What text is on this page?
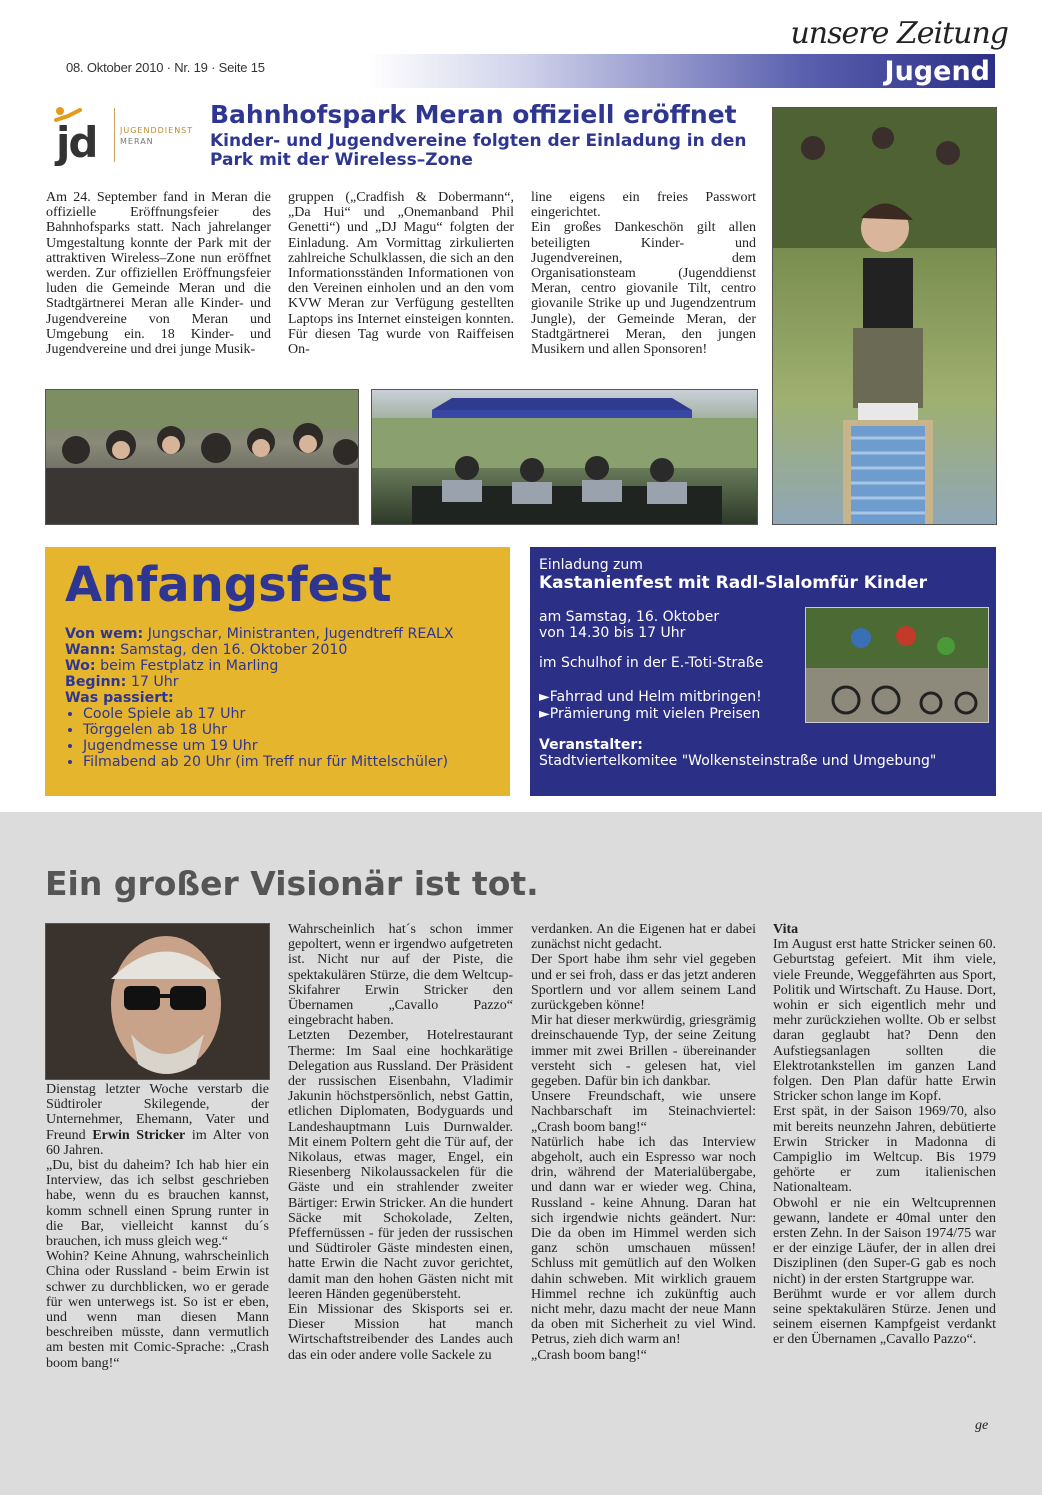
08. Oktober 2010 · Nr. 19 · Seite 15
unsere Zeitung
Jugend
jd	JUGENDDIENST
MERAN
Bahnhofspark Meran offiziell eröffnet
Kinder- und Jugendvereine folgten der Einladung in den Park mit der Wireless–Zone

Am 24. September fand in Meran die offizielle Eröffnungsfeier des Bahnhofsparks statt. Nach jahrelanger Umgestaltung konnte der Park mit der attraktiven Wireless–Zone nun eröffnet werden. Zur offiziellen Eröffnungsfeier luden die Gemeinde Meran und die Stadtgärtnerei Meran alle Kinder- und Jugendvereine von Meran und Umgebung ein. 18 Kinder- und Jugendvereine und drei junge Musik-

gruppen („Cradfish & Dobermann“, „Da Hui“ und „Onemanband Phil Genetti“) und „DJ Magu“ folgten der Einladung. Am Vormittag zirkulierten zahlreiche Schulklassen, die sich an den Informationsständen Informationen von den Vereinen einholen und an den vom KVW Meran zur Verfügung gestellten Laptops ins Internet einsteigen konnten. Für diesen Tag wurde von Raiffeisen On-

line eigens ein freies Passwort eingerichtet.

Ein großes Dankeschön gilt allen beteiligten Kinder- und Jugendvereinen, dem Organisationsteam (Jugenddienst Meran, centro giovanile Tilt, centro giovanile Strike up und Jugendzentrum Jungle), der Gemeinde Meran, der Stadtgärtnerei Meran, den jungen Musikern und allen Sponsoren!

Anfangsfest
Von wem: Jungschar, Ministranten, Jugendtreff REALX
Wann: Samstag, den 16. Oktober 2010
Wo: beim Festplatz in Marling
Beginn: 17 Uhr
Was passiert:
• Coole Spiele ab 17 Uhr
• Törggelen ab 18 Uhr
• Jugendmesse um 19 Uhr
• Filmabend ab 20 Uhr (im Treff nur für Mittelschüler)
Einladung zum
Kastanienfest mit Radl-Slalomfür Kinder
am Samstag, 16. Oktober
von 14.30 bis 17 Uhr
im Schulhof in der E.-Toti-Straße
►Fahrrad und Helm mitbringen!
►Prämierung mit vielen Preisen
Veranstalter:
Stadtviertelkomitee "Wolkensteinstraße und Umgebung"
Ein großer Visionär ist tot.

Dienstag letzter Woche verstarb die Südtiroler Skilegende, der Unternehmer, Ehemann, Vater und Freund Erwin Stricker im Alter von 60 Jahren.

„Du, bist du daheim? Ich hab hier ein Interview, das ich selbst geschrieben habe, wenn du es brauchen kannst, komm schnell einen Sprung runter in die Bar, vielleicht kannst du´s brauchen, ich muss gleich weg.“

Wohin? Keine Ahnung, wahrscheinlich China oder Russland - beim Erwin ist schwer zu durchblicken, wo er gerade für wen unterwegs ist. So ist er eben, und wenn man diesen Mann beschreiben müsste, dann vermutlich am besten mit Comic-Sprache: „Crash boom bang!“

Wahrscheinlich hat´s schon immer gepoltert, wenn er irgendwo aufgetreten ist. Nicht nur auf der Piste, die spektakulären Stürze, die dem Weltcup-Skifahrer Erwin Stricker den Übernamen „Cavallo Pazzo“ eingebracht haben.

Letzten Dezember, Hotelrestaurant Therme: Im Saal eine hochkarätige Delegation aus Russland. Der Präsident der russischen Eisenbahn, Vladimir Jakunin höchstpersönlich, nebst Gattin, etlichen Diplomaten, Bodyguards und Landeshauptmann Luis Durnwalder. Mit einem Poltern geht die Tür auf, der Nikolaus, etwas mager, Engel, ein Riesenberg Nikolaussackelen für die Gäste und ein strahlender zweiter Bärtiger: Erwin Stricker. An die hundert Säcke mit Schokolade, Zelten, Pfeffernüssen - für jeden der russischen und Südtiroler Gäste mindesten einen, hatte Erwin die Nacht zuvor gerichtet, damit man den hohen Gästen nicht mit leeren Händen gegenübersteht.

Ein Missionar des Skisports sei er. Dieser Mission hat manch Wirtschaftstreibender des Landes auch das ein oder andere volle Sackele zu

verdanken. An die Eigenen hat er dabei zunächst nicht gedacht.

Der Sport habe ihm sehr viel gegeben und er sei froh, dass er das jetzt anderen Sportlern und vor allem seinem Land zurückgeben könne!

Mir hat dieser merkwürdig, griesgrämig dreinschauende Typ, der seine Zeitung immer mit zwei Brillen - übereinander versteht sich - gelesen hat, viel gegeben. Dafür bin ich dankbar.

Unsere Freundschaft, wie unsere Nachbarschaft im Steinachviertel: „Crash boom bang!“

Natürlich habe ich das Interview abgeholt, auch ein Espresso war noch drin, während der Materialübergabe, und dann war er wieder weg. China, Russland - keine Ahnung. Daran hat sich irgendwie nichts geändert. Nur: Die da oben im Himmel werden sich ganz schön umschauen müssen! Schluss mit gemütlich auf den Wolken dahin schweben. Mit wirklich grauem Himmel rechne ich zukünftig auch nicht mehr, dazu macht der neue Mann da oben mit Sicherheit zu viel Wind. Petrus, zieh dich warm an!

„Crash boom bang!“

Vita

Im August erst hatte Stricker seinen 60. Geburtstag gefeiert. Mit ihm viele, viele Freunde, Weggefährten aus Sport, Politik und Wirtschaft. Zu Hause. Dort, wohin er sich eigentlich mehr und mehr zurückziehen wollte. Ob er selbst daran geglaubt hat? Denn den Aufstiegsanlagen sollten die Elektrotankstellen im ganzen Land folgen. Den Plan dafür hatte Erwin Stricker schon lange im Kopf.

Erst spät, in der Saison 1969/70, also mit bereits neunzehn Jahren, debütierte Erwin Stricker in Madonna di Campiglio im Weltcup. Bis 1979 gehörte er zum italienischen Nationalteam.

Obwohl er nie ein Weltcuprennen gewann, landete er 40mal unter den ersten Zehn. In der Saison 1974/75 war er der einzige Läufer, der in allen drei Disziplinen (den Super-G gab es noch nicht) in der ersten Startgruppe war.

Berühmt wurde er vor allem durch seine spektakulären Stürze. Jenen und seinem eisernen Kampfgeist verdankt er den Übernamen „Cavallo Pazzo“.

ge
